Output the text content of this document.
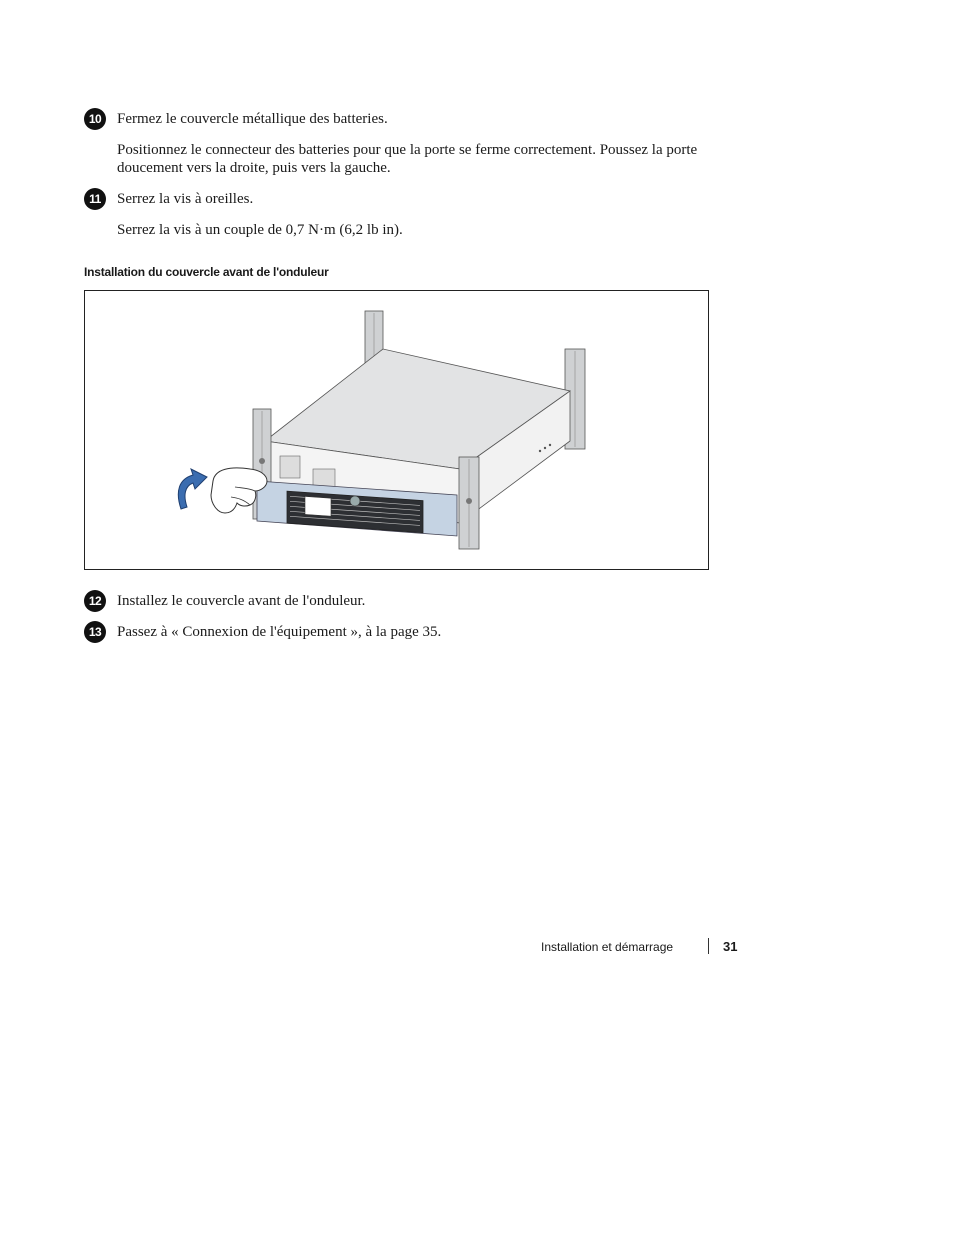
10	Fermez le couvercle métallique des batteries.
Positionnez le connecteur des batteries pour que la porte se ferme correctement. Poussez la porte doucement vers la droite, puis vers la gauche.
11	Serrez la vis à oreilles.
Serrez la vis à un couple de 0,7 N·m (6,2 lb in).
Installation du couvercle avant de l'onduleur
12	Installez le couvercle avant de l'onduleur.
13	Passez à « Connexion de l'équipement », à la page 35.
Installation et démarrage	31
